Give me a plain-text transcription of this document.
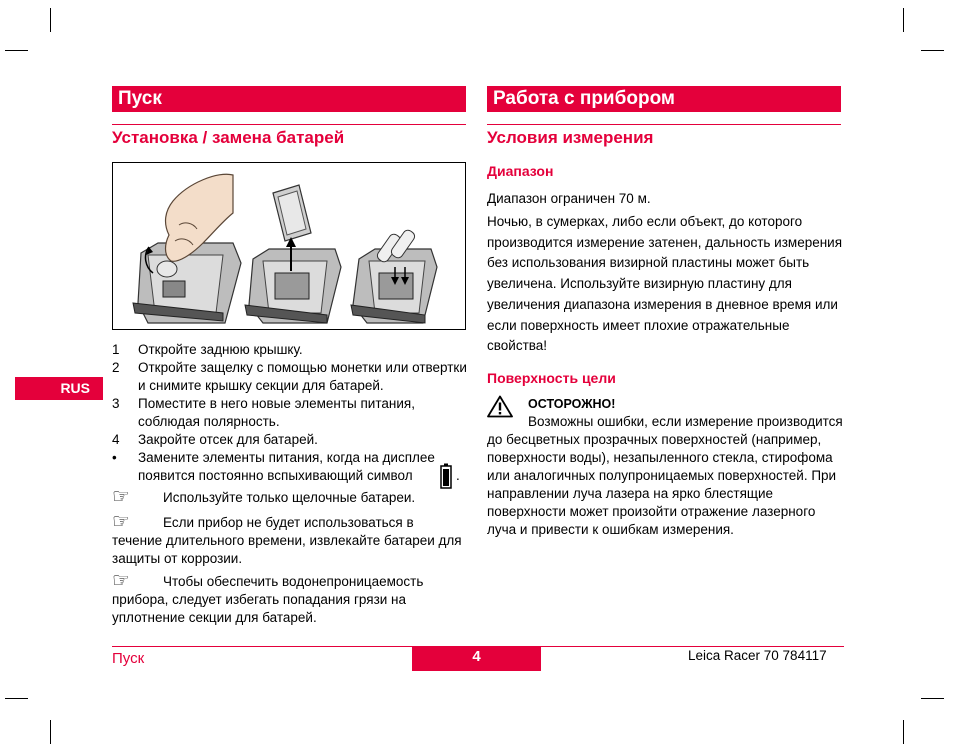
Пуск
Установка / замена батарей
1 Откройте заднюю крышку.
2 Откройте защелку с помощью монетки или отвертки и снимите крышку секции для батарей.
3 Поместите в него новые элементы питания, соблюдая полярность.
4 Закройте отсек для батарей.
• Замените элементы питания, когда на дисплее
появится постоянно вспыхивающий символ	.
☞	Используйте только щелочные батареи.
☞	Если прибор не будет использоваться в течение длительного времени, извлекайте батареи для защиты от коррозии.
☞	Чтобы обеспечить водонепроницаемость прибора, следует избегать попадания грязи на уплотнение секции для батарей.
Работа с прибором
Условия измерения
Диапазон
Диапазон ограничен 70 м.
Ночью, в сумерках, либо если объект, до которого производится измерение затенен, дальность измерения без использования визирной пластины может быть увеличена. Используйте визирную пластину для увеличения диапазона измерения в дневное время или если поверхность имеет плохие отражательные свойства!
Поверхность цели
ОСТОРОЖНО!
Возможны ошибки, если измерение производится до бесцветных прозрачных поверхностей (например, поверхности воды), незапыленного стекла, стирофома или аналогичных полупроницаемых поверхностей. При направлении луча лазера на ярко блестящие поверхности может произойти отражение лазерного луча и привести к ошибкам измерения.
RUS
Пуск	4	Leica Racer 70 784117
